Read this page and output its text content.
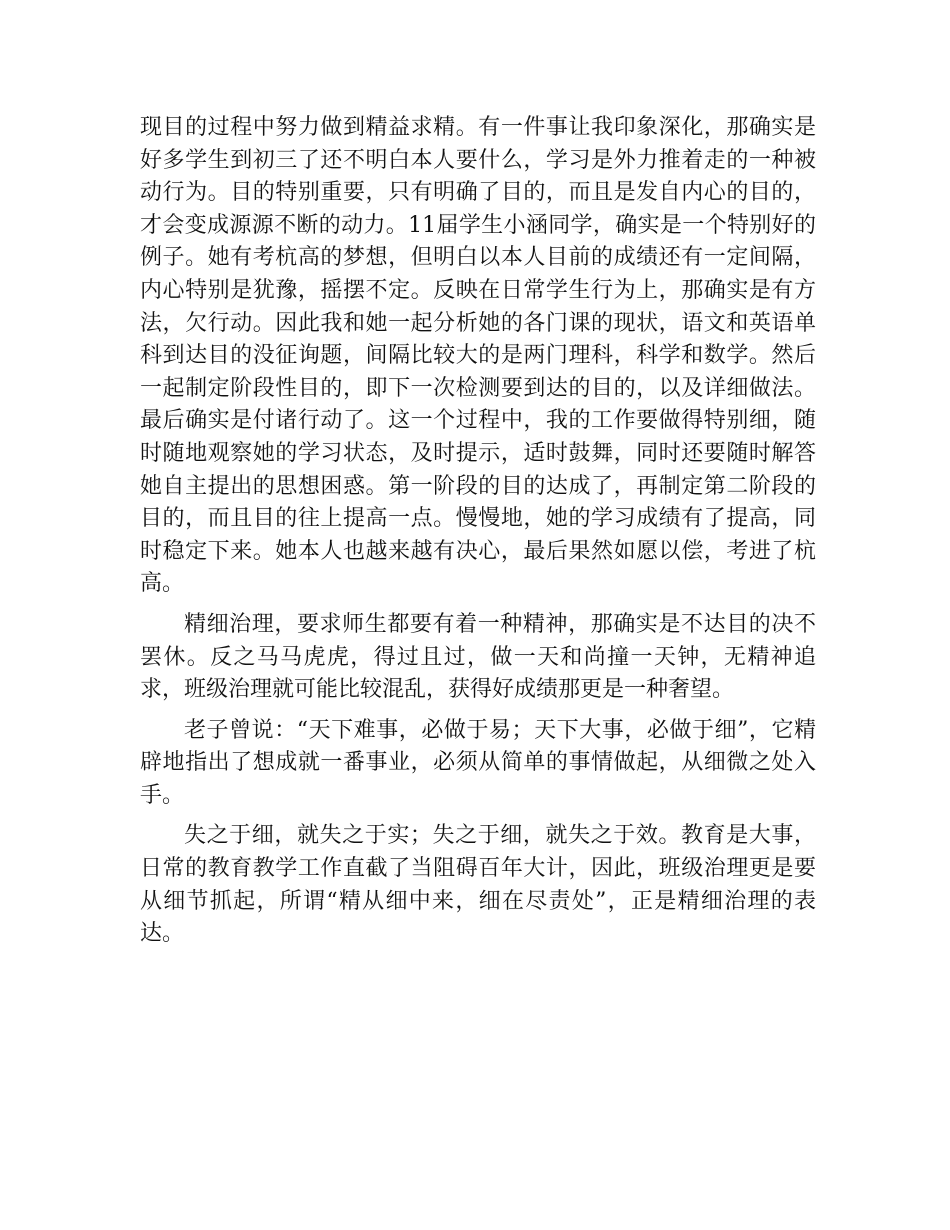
现目的过程中努力做到精益求精。有一件事让我印象深化，那确实是好多学生到初三了还不明白本人要什么，学习是外力推着走的一种被动行为。目的特别重要，只有明确了目的，而且是发自内心的目的，才会变成源源不断的动力。11届学生小涵同学，确实是一个特别好的例子。她有考杭高的梦想，但明白以本人目前的成绩还有一定间隔，内心特别是犹豫，摇摆不定。反映在日常学生行为上，那确实是有方法，欠行动。因此我和她一起分析她的各门课的现状，语文和英语单科到达目的没征询题，间隔比较大的是两门理科，科学和数学。然后一起制定阶段性目的，即下一次检测要到达的目的，以及详细做法。最后确实是付诸行动了。这一个过程中，我的工作要做得特别细，随时随地观察她的学习状态，及时提示，适时鼓舞，同时还要随时解答她自主提出的思想困惑。第一阶段的目的达成了，再制定第二阶段的目的，而且目的往上提高一点。慢慢地，她的学习成绩有了提高，同时稳定下来。她本人也越来越有决心，最后果然如愿以偿，考进了杭高。

精细治理，要求师生都要有着一种精神，那确实是不达目的决不罢休。反之马马虎虎，得过且过，做一天和尚撞一天钟，无精神追求，班级治理就可能比较混乱，获得好成绩那更是一种奢望。

老子曾说：“天下难事，必做于易；天下大事，必做于细”，它精辟地指出了想成就一番事业，必须从简单的事情做起，从细微之处入手。

失之于细，就失之于实；失之于细，就失之于效。教育是大事，日常的教育教学工作直截了当阻碍百年大计，因此，班级治理更是要从细节抓起，所谓“精从细中来，细在尽责处”，正是精细治理的表达。
